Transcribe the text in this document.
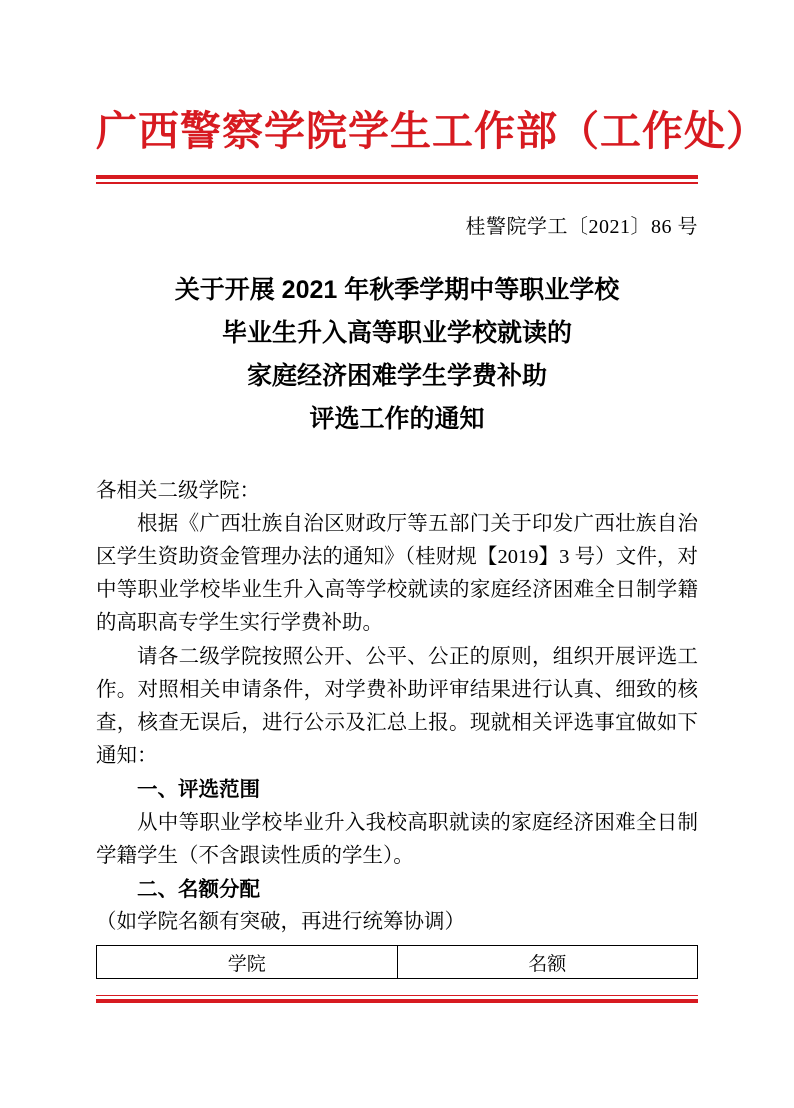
广西警察学院学生工作部（工作处）
桂警院学工〔2021〕86 号
关于开展 2021 年秋季学期中等职业学校
毕业生升入高等职业学校就读的
家庭经济困难学生学费补助
评选工作的通知

各相关二级学院：

根据《广西壮族自治区财政厅等五部门关于印发广西壮族自治区学生资助资金管理办法的通知》（桂财规【2019】3 号）文件，对中等职业学校毕业生升入高等学校就读的家庭经济困难全日制学籍的高职高专学生实行学费补助。

请各二级学院按照公开、公平、公正的原则，组织开展评选工作。对照相关申请条件，对学费补助评审结果进行认真、细致的核查，核查无误后，进行公示及汇总上报。现就相关评选事宜做如下通知：

一、评选范围

从中等职业学校毕业升入我校高职就读的家庭经济困难全日制学籍学生（不含跟读性质的学生）。

二、名额分配

（如学院名额有突破，再进行统筹协调）

学院	名额
